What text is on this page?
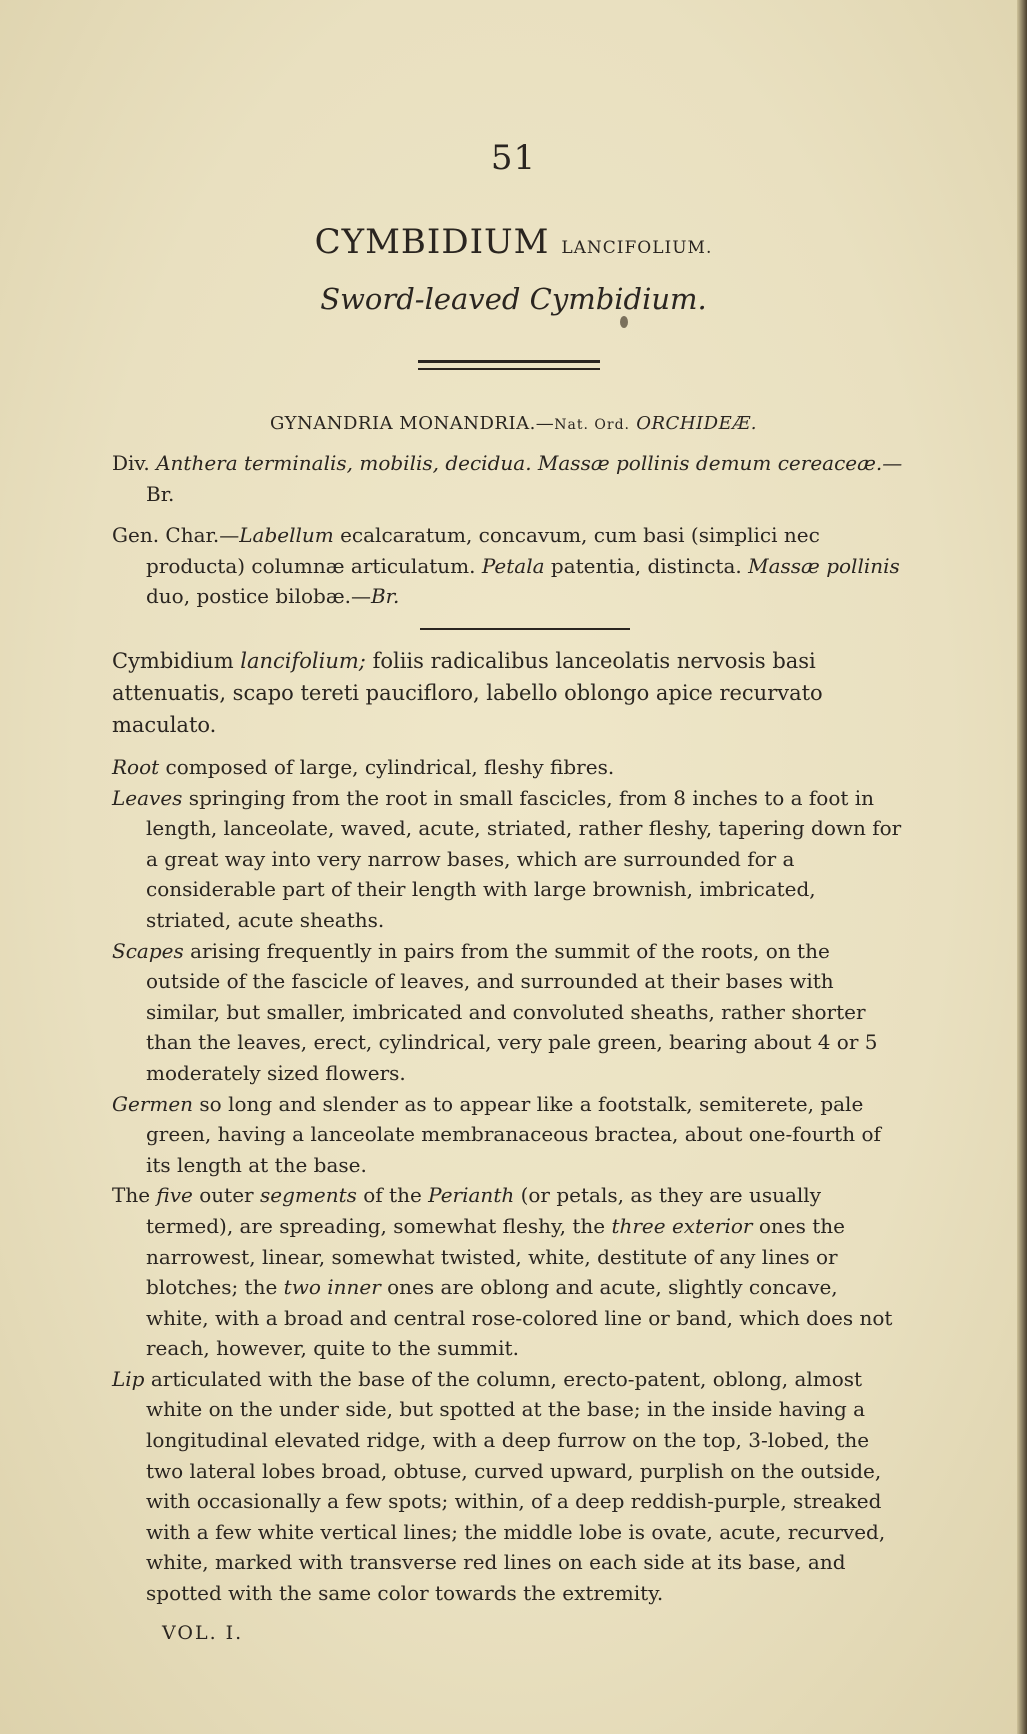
51
CYMBIDIUM LANCIFOLIUM.
Sword-leaved Cymbidium.
GYNANDRIA MONANDRIA.—Nat. Ord. ORCHIDEÆ.

Div. Anthera terminalis, mobilis, decidua. Massæ pollinis demum cereaceæ.— Br.

Gen. Char.—Labellum ecalcaratum, concavum, cum basi (simplici nec producta) columnæ articulatum. Petala patentia, distincta. Massæ pollinis duo, postice bilobæ.—Br.

Cymbidium lancifolium; foliis radicalibus lanceolatis nervosis basi attenuatis, scapo tereti paucifloro, labello oblongo apice recurvato maculato.

Root composed of large, cylindrical, fleshy fibres.

Leaves springing from the root in small fascicles, from 8 inches to a foot in length, lanceolate, waved, acute, striated, rather fleshy, tapering down for a great way into very narrow bases, which are surrounded for a considerable part of their length with large brownish, imbricated, striated, acute sheaths.

Scapes arising frequently in pairs from the summit of the roots, on the outside of the fascicle of leaves, and surrounded at their bases with similar, but smaller, imbricated and convoluted sheaths, rather shorter than the leaves, erect, cylindrical, very pale green, bearing about 4 or 5 moderately sized flowers.

Germen so long and slender as to appear like a footstalk, semiterete, pale green, having a lanceolate membranaceous bractea, about one-fourth of its length at the base.

The five outer segments of the Perianth (or petals, as they are usually termed), are spreading, somewhat fleshy, the three exterior ones the narrowest, linear, somewhat twisted, white, destitute of any lines or blotches; the two inner ones are oblong and acute, slightly concave, white, with a broad and central rose-colored line or band, which does not reach, however, quite to the summit.

Lip articulated with the base of the column, erecto-patent, oblong, almost white on the under side, but spotted at the base; in the inside having a longitudinal elevated ridge, with a deep furrow on the top, 3-lobed, the two lateral lobes broad, obtuse, curved upward, purplish on the outside, with occasionally a few spots; within, of a deep reddish-purple, streaked with a few white vertical lines; the middle lobe is ovate, acute, recurved, white, marked with transverse red lines on each side at its base, and spotted with the same color towards the extremity.

VOL. I.
